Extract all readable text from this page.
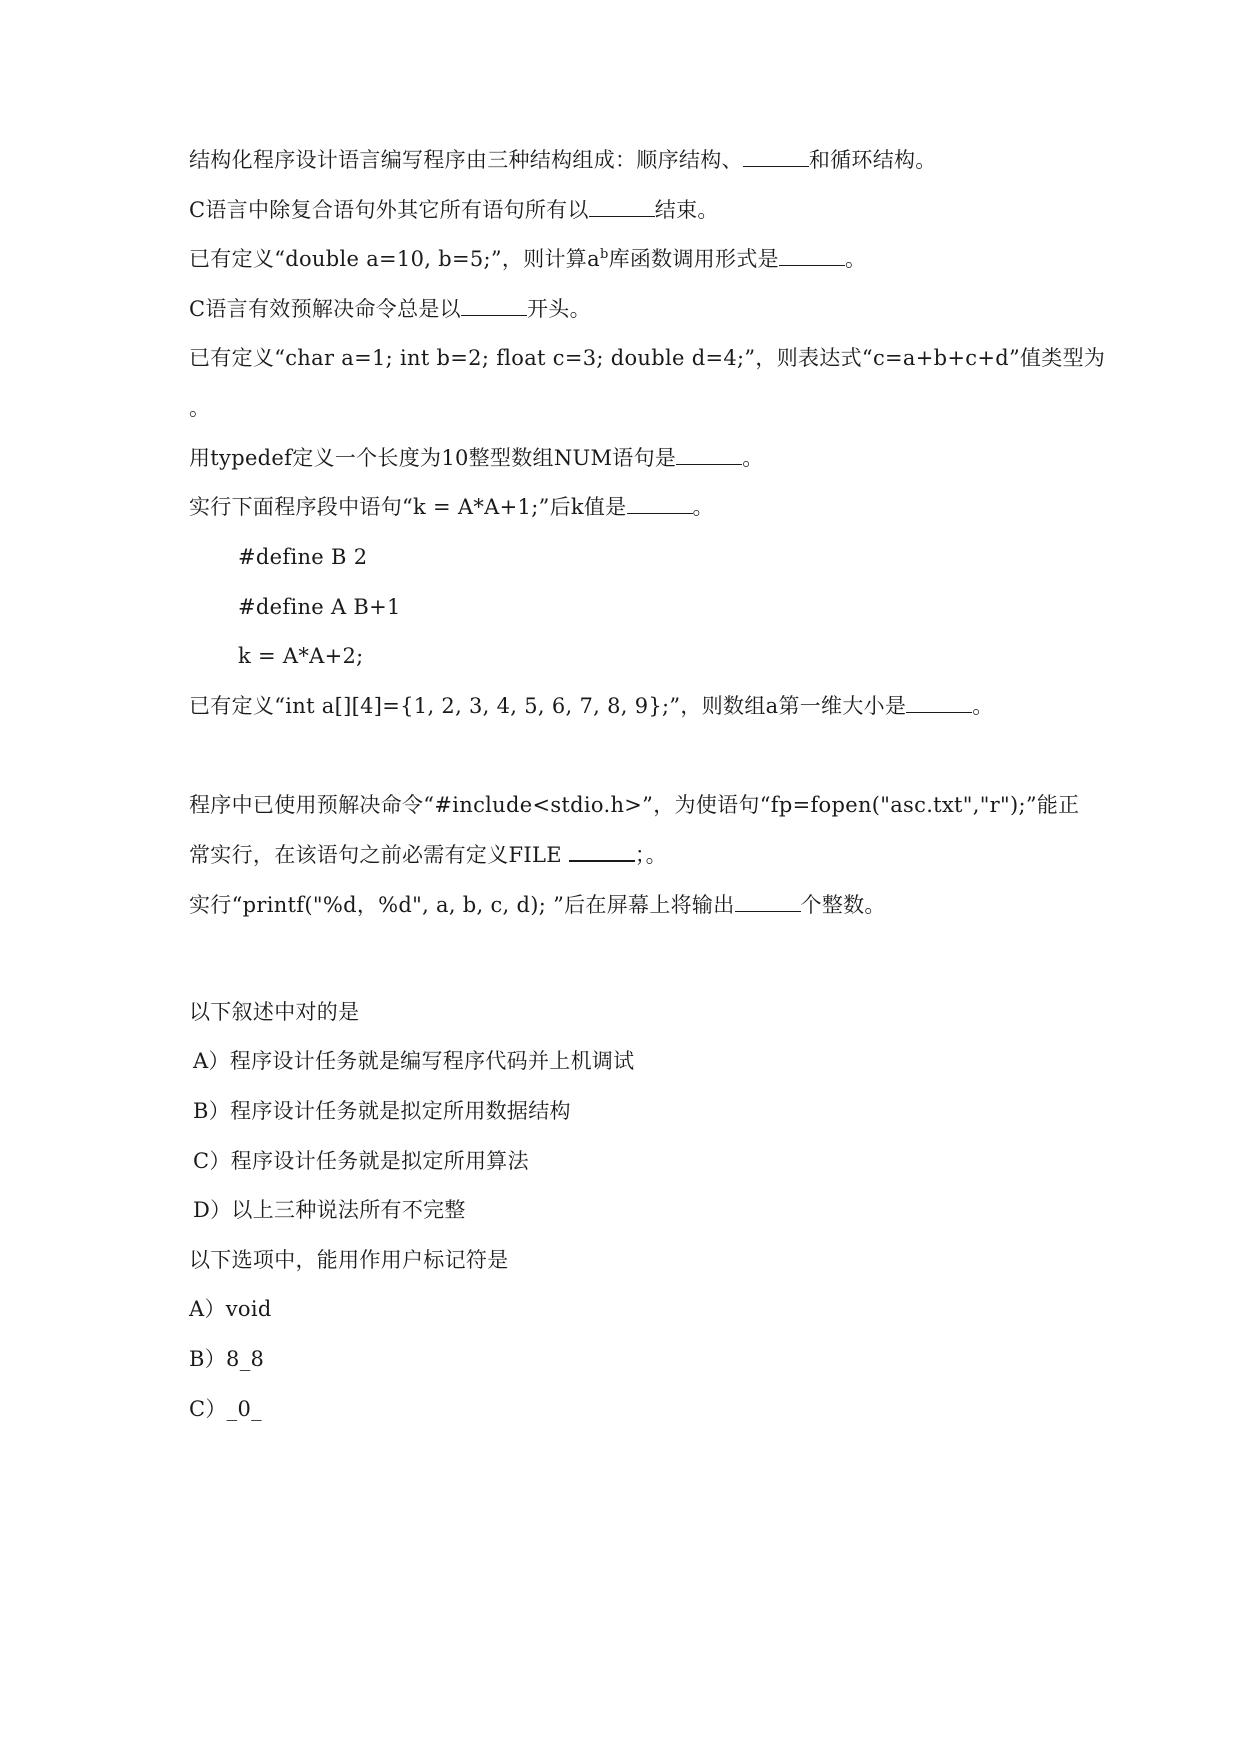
结构化程序设计语言编写程序由三种结构组成：顺序结构、	和循环结构。
C语言中除复合语句外其它所有语句所有以	结束。
已有定义“double a=10, b=5;”，则计算$a^b$库函数调用形式是	。
C语言有效预解决命令总是以	开头。
已有定义“char a=1; int b=2; float c=3; double d=4;”，则表达式“c=a+b+c+d”值类型为
。
用typedef定义一个长度为10整型数组NUM语句是	。
实行下面程序段中语句“k = A*A+1;”后k值是	。
#define B 2
#define A B+1
k = A*A+2;
已有定义“int a[][4]={1, 2, 3, 4, 5, 6, 7, 8, 9};”，则数组a第一维大小是	。
程序中已使用预解决命令“#include<stdio.h>”，为使语句“fp=fopen("asc.txt","r");”能正
常实行，在该语句之前必需有定义FILE	；。
实行“printf("%d，%d", a, b, c, d); ”后在屏幕上将输出	个整数。
以下叙述中对的是
A）程序设计任务就是编写程序代码并上机调试
B）程序设计任务就是拟定所用数据结构
C）程序设计任务就是拟定所用算法
D）以上三种说法所有不完整
以下选项中，能用作用户标记符是
A）void
B）8_8
C）_0_
